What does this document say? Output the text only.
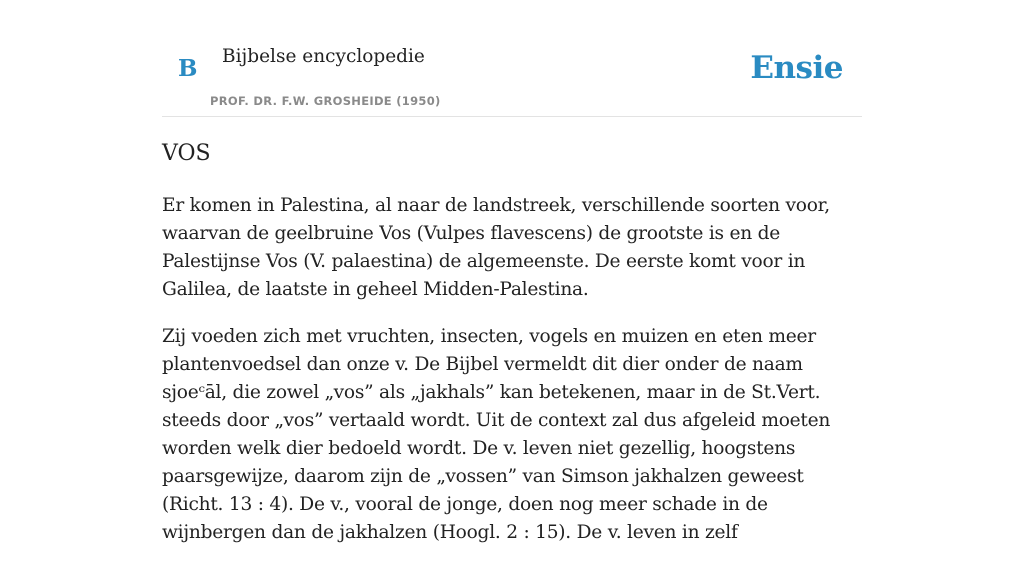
B Bijbelse encyclopedie
PROF. DR. F.W. GROSHEIDE (1950)
Ensie
VOS

Er komen in Palestina, al naar de landstreek, verschillende soorten voor, waarvan de geelbruine Vos (Vulpes flavescens) de grootste is en de Palestijnse Vos (V. palaestina) de algemeenste. De eerste komt voor in Galilea, de laatste in geheel Midden-Palestina.

Zij voeden zich met vruchten, insecten, vogels en muizen en eten meer plantenvoedsel dan onze v. De Bijbel vermeldt dit dier onder de naam sjoeᶜāl, die zowel „vos” als „jakhals” kan betekenen, maar in de St.Vert. steeds door „vos” vertaald wordt. Uit de context zal dus afgeleid moeten worden welk dier bedoeld wordt. De v. leven niet gezellig, hoogstens paarsgewijze, daarom zijn de „vossen” van Simson jakhalzen geweest (Richt. 13 : 4). De v., vooral de jonge, doen nog meer schade in de wijnbergen dan de jakhalzen (Hoogl. 2 : 15). De v. leven in zelf
